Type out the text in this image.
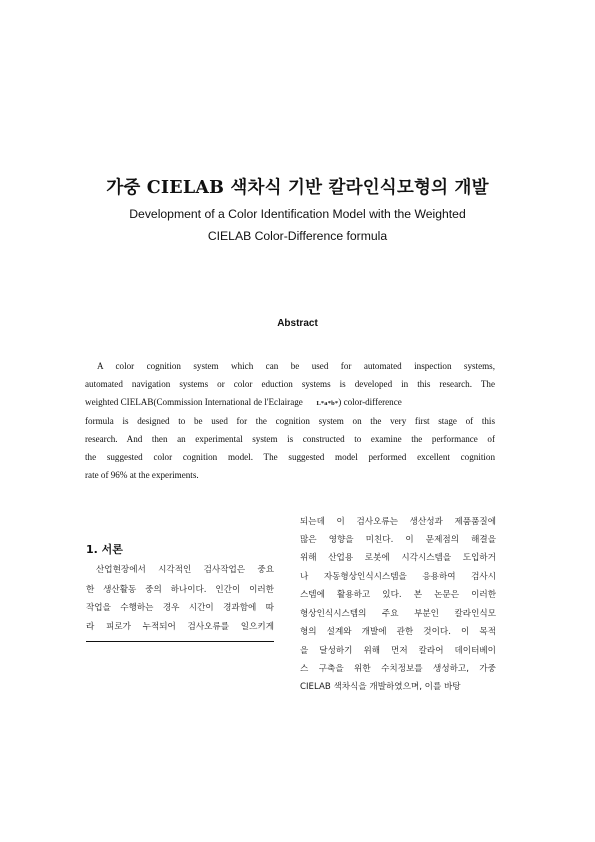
가중 CIELAB 색차식 기반 칼라인식모형의 개발
Development of a Color Identification Model with the Weighted
CIELAB Color-Difference formula
Abstract
A color cognition system which can be used for automated inspection systems,
automated navigation systems or color eduction systems is developed in this research. The
weighted CIELAB(Commission International de l'Eclairage L*a*b*) color-difference
formula is designed to be used for the cognition system on the very first stage of this
research. And then an experimental system is constructed to examine the performance of
the suggested color cognition model. The suggested model performed excellent cognition
rate of 96% at the experiments.
1. 서론
산업현장에서 시각적인 검사작업은 중요
한 생산활동 중의 하나이다. 인간이 이러한
작업을 수행하는 경우 시간이 경과함에 따
라 피로가 누적되어 검사오류를 일으키게
되는데 이 검사오류는 생산성과 제품품질에
많은 영향을 미친다. 이 문제점의 해결을
위해 산업용 로봇에 시각시스템을 도입하거
나 자동형상인식시스템을 응용하여 검사시
스템에 활용하고 있다. 본 논문은 이러한
형상인식시스템의 주요 부분인 칼라인식모
형의 설계와 개발에 관한 것이다. 이 목적
을 달성하기 위해 먼저 칼라어 데이터베이
스 구축을 위한 수치정보를 생성하고, 가중
CIELAB 색차식을 개발하였으며, 이를 바탕
